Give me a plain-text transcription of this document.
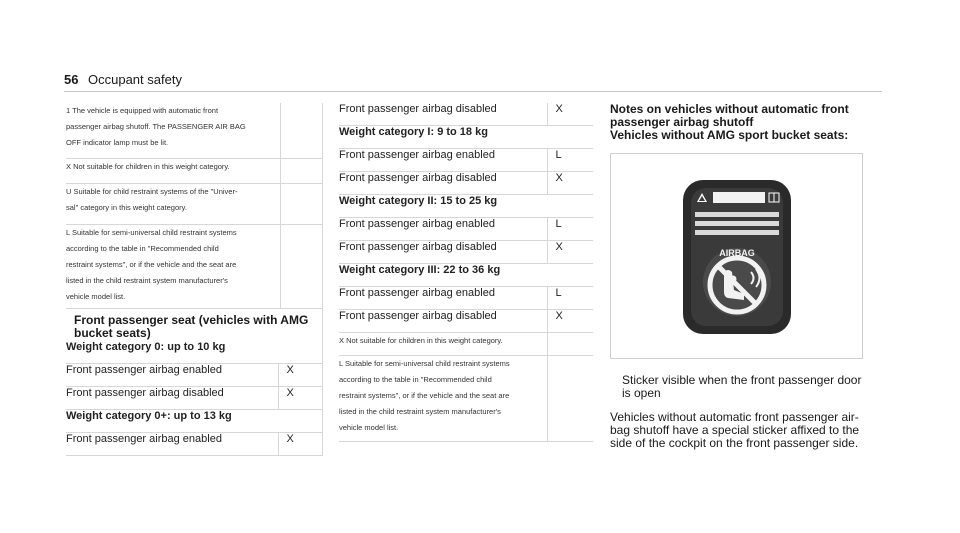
56 Occupant safety

1 The vehicle is equipped with automatic front

passenger airbag shutoff. The PASSENGER AIR BAG

OFF indicator lamp must be lit.	

X Not suitable for children in this weight category.	

U Suitable for child restraint systems of the "Univer-

sal" category in this weight category.	

L Suitable for semi-universal child restraint systems

according to the table in "Recommended child

restraint systems", or if the vehicle and the seat are

listed in the child restraint system manufacturer's

vehicle model list.	

Front passenger seat (vehicles with AMG
bucket seats)
Weight category 0: up to 10 kg	
Front passenger airbag enabled	X
Front passenger airbag disabled	X
Weight category 0+: up to 13 kg	
Front passenger airbag enabled	X
Front passenger airbag disabled	X
Weight category I: 9 to 18 kg	
Front passenger airbag enabled	L
Front passenger airbag disabled	X
Weight category II: 15 to 25 kg	
Front passenger airbag enabled	L
Front passenger airbag disabled	X
Weight category III: 22 to 36 kg	
Front passenger airbag enabled	L
Front passenger airbag disabled	X

X Not suitable for children in this weight category.	

L Suitable for semi-universal child restraint systems

according to the table in "Recommended child

restraint systems", or if the vehicle and the seat are

listed in the child restraint system manufacturer's

vehicle model list.	

Notes on vehicles without automatic front
passenger airbag shutoff
Vehicles without AMG sport bucket seats:
AIRBAG
Sticker visible when the front passenger door
is open
Vehicles without automatic front passenger air-
bag shutoff have a special sticker affixed to the
side of the cockpit on the front passenger side.
